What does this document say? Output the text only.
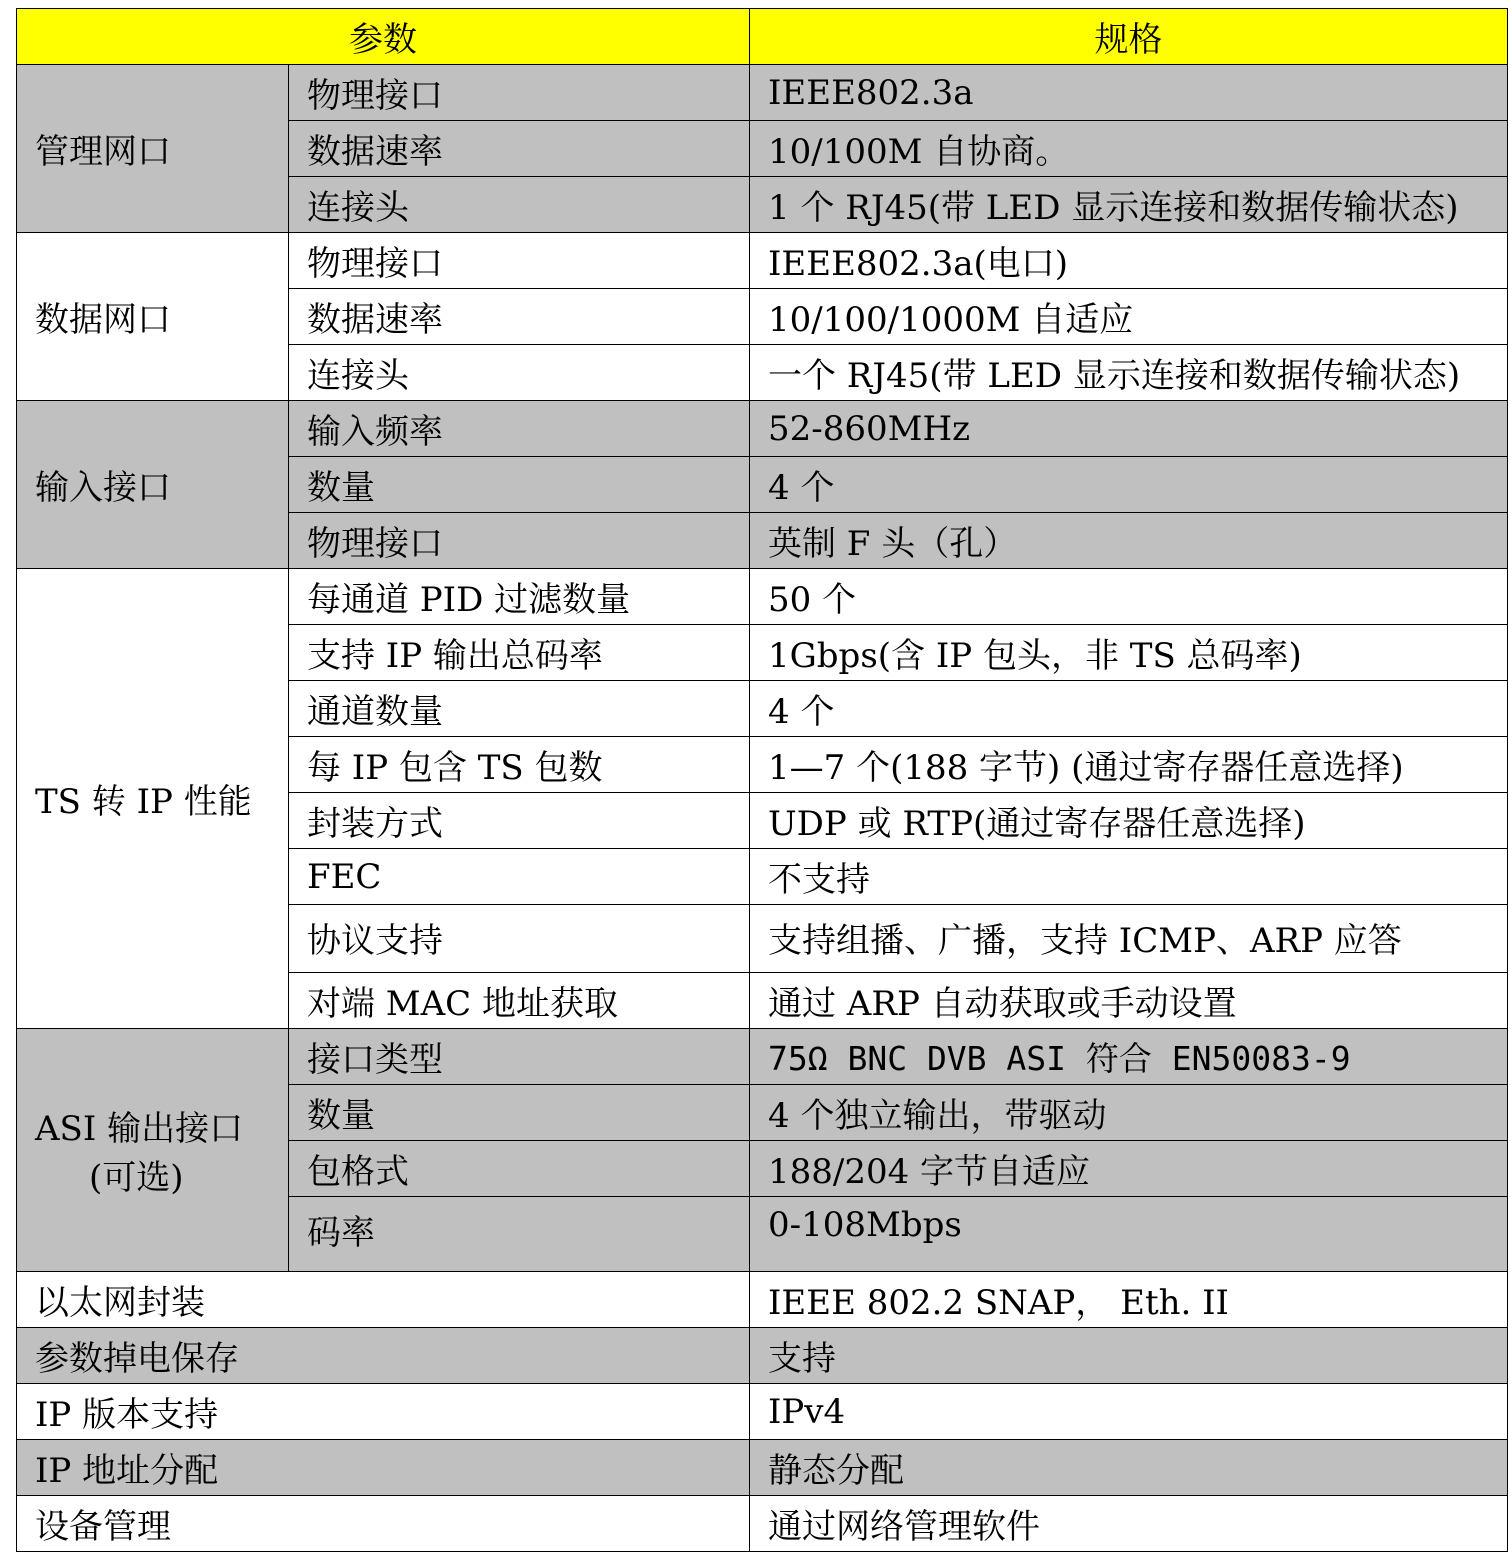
参数		规格
管理网口	物理接口	IEEE802.3a
	数据速率	10/100M 自协商。
	连接头	1 个 RJ45(带 LED 显示连接和数据传输状态)
数据网口	物理接口	IEEE802.3a(电口)
	数据速率	10/100/1000M 自适应
	连接头	一个 RJ45(带 LED 显示连接和数据传输状态)
输入接口	输入频率	52-860MHz
	数量	4 个
	物理接口	英制 F 头（孔）
TS 转 IP 性能	每通道 PID 过滤数量	50 个
	支持 IP 输出总码率	1Gbps(含 IP 包头，非 TS 总码率)
	通道数量	4 个
	每 IP 包含 TS 包数	1—7 个(188 字节) (通过寄存器任意选择)
	封装方式	UDP 或 RTP(通过寄存器任意选择)
	FEC	不支持
	协议支持	支持组播、广播，支持 ICMP、ARP 应答
	对端 MAC 地址获取	通过 ARP 自动获取或手动设置
ASI 输出接口
(可选)	接口类型	75Ω BNC DVB ASI 符合 EN50083-9
	数量	4 个独立输出，带驱动
	包格式	188/204 字节自适应
	码率	0-108Mbps
以太网封装		IEEE 802.2 SNAP， Eth. II
参数掉电保存		支持
IP 版本支持		IPv4
IP 地址分配		静态分配
设备管理		通过网络管理软件
